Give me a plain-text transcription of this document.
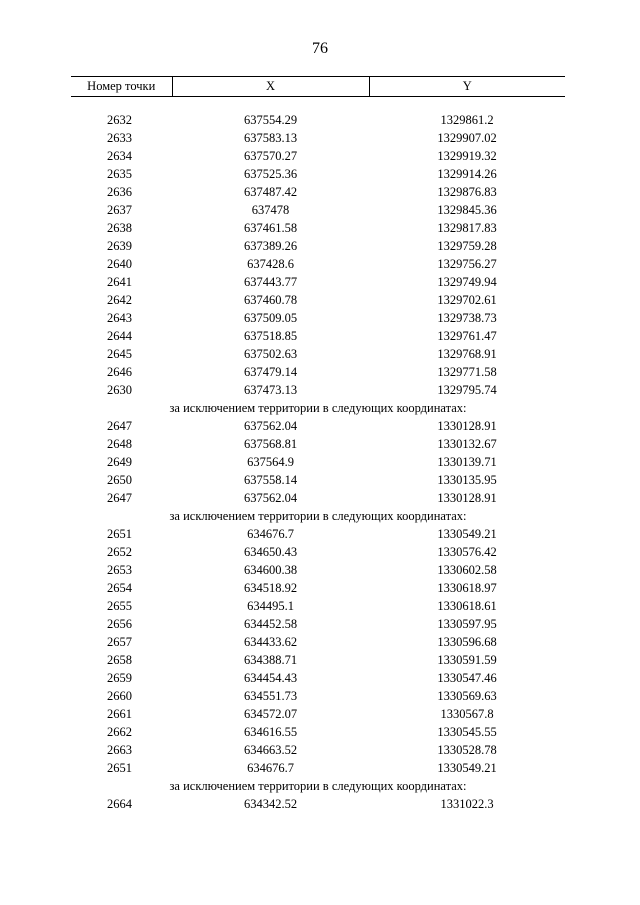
76
Номер точки	X	Y

2632	637554.29	1329861.2
2633	637583.13	1329907.02
2634	637570.27	1329919.32
2635	637525.36	1329914.26
2636	637487.42	1329876.83
2637	637478	1329845.36
2638	637461.58	1329817.83
2639	637389.26	1329759.28
2640	637428.6	1329756.27
2641	637443.77	1329749.94
2642	637460.78	1329702.61
2643	637509.05	1329738.73
2644	637518.85	1329761.47
2645	637502.63	1329768.91
2646	637479.14	1329771.58
2630	637473.13	1329795.74
за исключением территории в следующих координатах:		
2647	637562.04	1330128.91
2648	637568.81	1330132.67
2649	637564.9	1330139.71
2650	637558.14	1330135.95
2647	637562.04	1330128.91
за исключением территории в следующих координатах:		
2651	634676.7	1330549.21
2652	634650.43	1330576.42
2653	634600.38	1330602.58
2654	634518.92	1330618.97
2655	634495.1	1330618.61
2656	634452.58	1330597.95
2657	634433.62	1330596.68
2658	634388.71	1330591.59
2659	634454.43	1330547.46
2660	634551.73	1330569.63
2661	634572.07	1330567.8
2662	634616.55	1330545.55
2663	634663.52	1330528.78
2651	634676.7	1330549.21
за исключением территории в следующих координатах:		
2664	634342.52	1331022.3
